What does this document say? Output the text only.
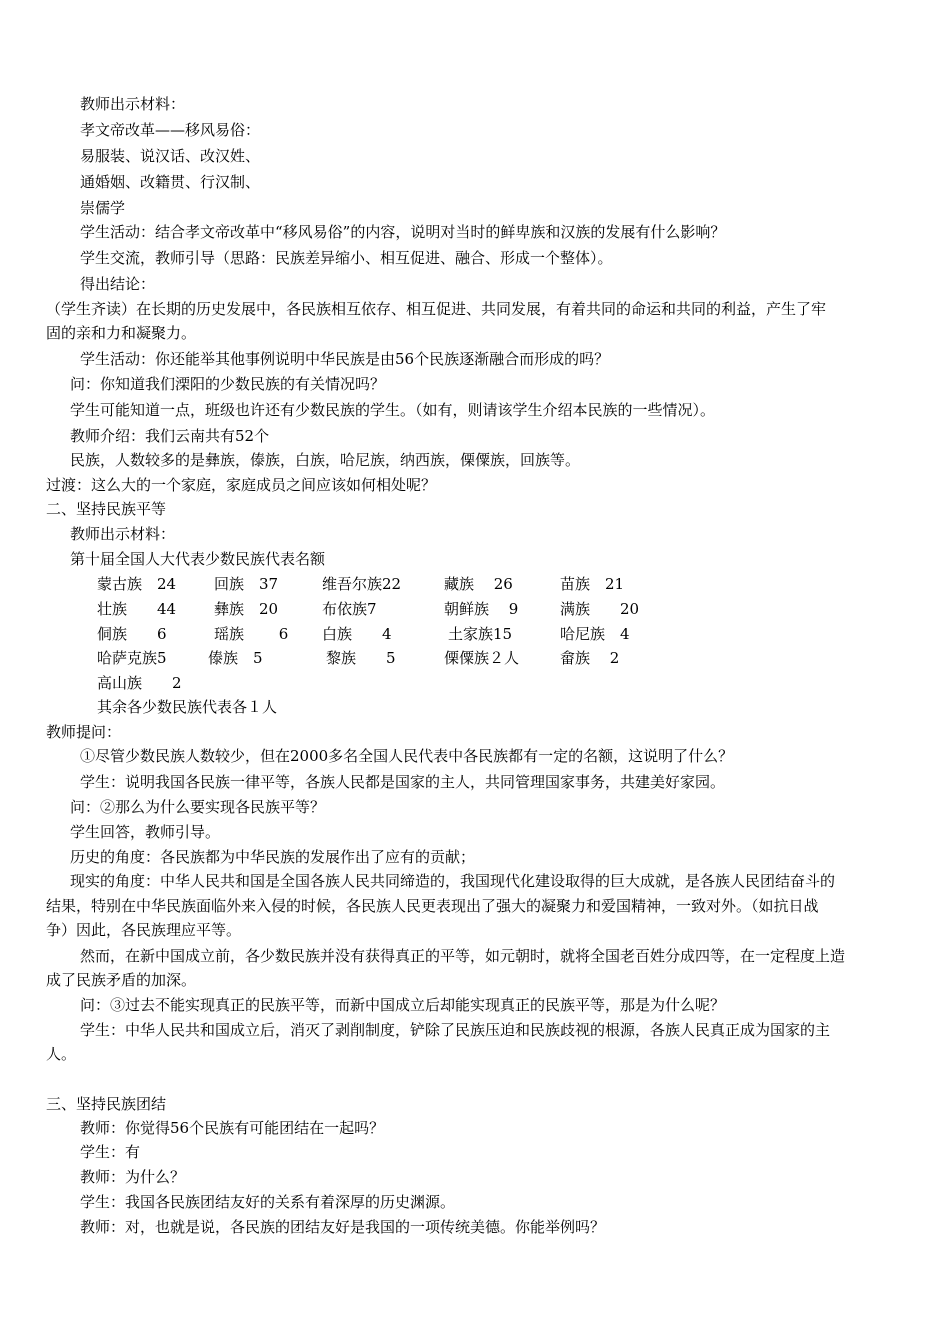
教师出示材料：
孝文帝改革——移风易俗：
易服装、说汉话、改汉姓、
通婚姻、改籍贯、行汉制、
崇儒学
学生活动：结合孝文帝改革中“移风易俗”的内容，说明对当时的鲜卑族和汉族的发展有什么影响？
学生交流，教师引导（思路：民族差异缩小、相互促进、融合、形成一个整体）。
得出结论：
（学生齐读）在长期的历史发展中，各民族相互依存、相互促进、共同发展，有着共同的命运和共同的利益，产生了牢
固的亲和力和凝聚力。
学生活动：你还能举其他事例说明中华民族是由56个民族逐渐融合而形成的吗？
问：你知道我们溧阳的少数民族的有关情况吗？
学生可能知道一点，班级也许还有少数民族的学生。（如有，则请该学生介绍本民族的一些情况）。
教师介绍：我们云南共有52个
民族，人数较多的是彝族，傣族，白族，哈尼族，纳西族，傈僳族，回族等。
过渡：这么大的一个家庭，家庭成员之间应该如何相处呢？
二、坚持民族平等
教师出示材料：
第十届全国人大代表少数民族代表名额
蒙古族　24	回族　37	维吾尔族22	藏族　 26	苗族　21
壮族　　44	彝族　20	布依族7	朝鲜族　 9	满族　　20
侗族　　6	瑶族　　 6 白族　　4	土家族15	哈尼族　4
哈萨克族5	傣族　5	黎族　　5	傈僳族２人	畲族　 2
高山族　　2
其余各少数民族代表各１人
教师提问：
①尽管少数民族人数较少，但在2000多名全国人民代表中各民族都有一定的名额，这说明了什么？
学生：说明我国各民族一律平等，各族人民都是国家的主人，共同管理国家事务，共建美好家园。
问：②那么为什么要实现各民族平等？
学生回答，教师引导。
历史的角度：各民族都为中华民族的发展作出了应有的贡献；
现实的角度：中华人民共和国是全国各族人民共同缔造的，我国现代化建设取得的巨大成就，是各族人民团结奋斗的
结果，特别在中华民族面临外来入侵的时候，各民族人民更表现出了强大的凝聚力和爱国精神，一致对外。（如抗日战
争）因此，各民族理应平等。
然而，在新中国成立前，各少数民族并没有获得真正的平等，如元朝时，就将全国老百姓分成四等，在一定程度上造
成了民族矛盾的加深。
问：③过去不能实现真正的民族平等，而新中国成立后却能实现真正的民族平等，那是为什么呢？
学生：中华人民共和国成立后，消灭了剥削制度，铲除了民族压迫和民族歧视的根源，各族人民真正成为国家的主
人。
三、坚持民族团结
教师：你觉得56个民族有可能团结在一起吗？
学生：有
教师：为什么？
学生：我国各民族团结友好的关系有着深厚的历史渊源。
教师：对，也就是说，各民族的团结友好是我国的一项传统美德。你能举例吗？
